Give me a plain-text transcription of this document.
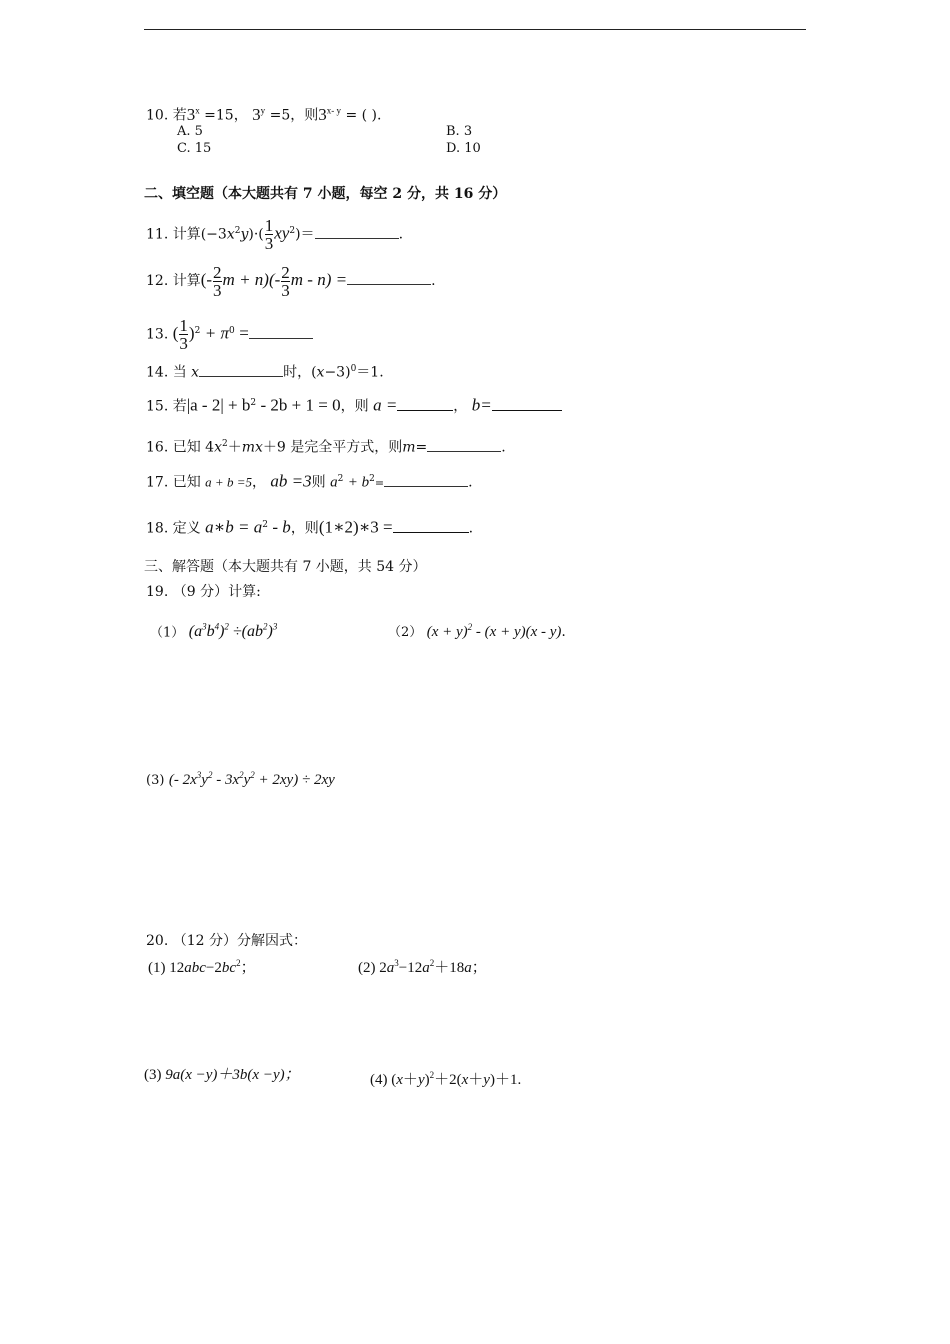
10. 若$3^x =15$， $3^y =5$，则$3^{x- y}$ = ( ).
A. 5	B. 3
C. 15	D. 10
二、填空题（本大题共有 7 小题，每空 2 分，共 16 分）
11. 计算$(-3x^2y)\cdot( \frac{1}{3} xy^2)=$	.
12. 计算(- $\frac{2}{3}$ $m + n)(- \frac{2}{3}$ m - n) =	.
13. ( $\frac{1}{3} )^2 + \pi^0$ =
14. 当 x	时，$(x-3)^0=1$.
15. 若$|a - 2| + b^2 - 2b + 1 = 0$，则 a =	， b=
16. 已知 $4x^2+mx+9$ 是完全平方式，则m=	.
17. 已知 a + b =5， ab =3则 $a^2 + b^2=$	.
18. 定义 a∗b = $a^2$ - b，则(1∗2)∗3 =	.
三、解答题（本大题共有 7 小题，共 54 分）
19. （9 分）计算:
（1） $(a^3b^4)^2 \div(ab^2)^3$	（2） $(x + y)^2 - (x + y)(x - y)$.
(3) (- $2x^3y^2 - 3x^2y^2 + 2xy) \div 2xy$
20. （12 分）分解因式：
(1) $12abc-2bc^2$；	(2) $2a^3-12a^2+18a$；
(3) 9a(x −y)＋3b(x −y)；	(4) $(x+y)^2+2(x+y)+1$.
